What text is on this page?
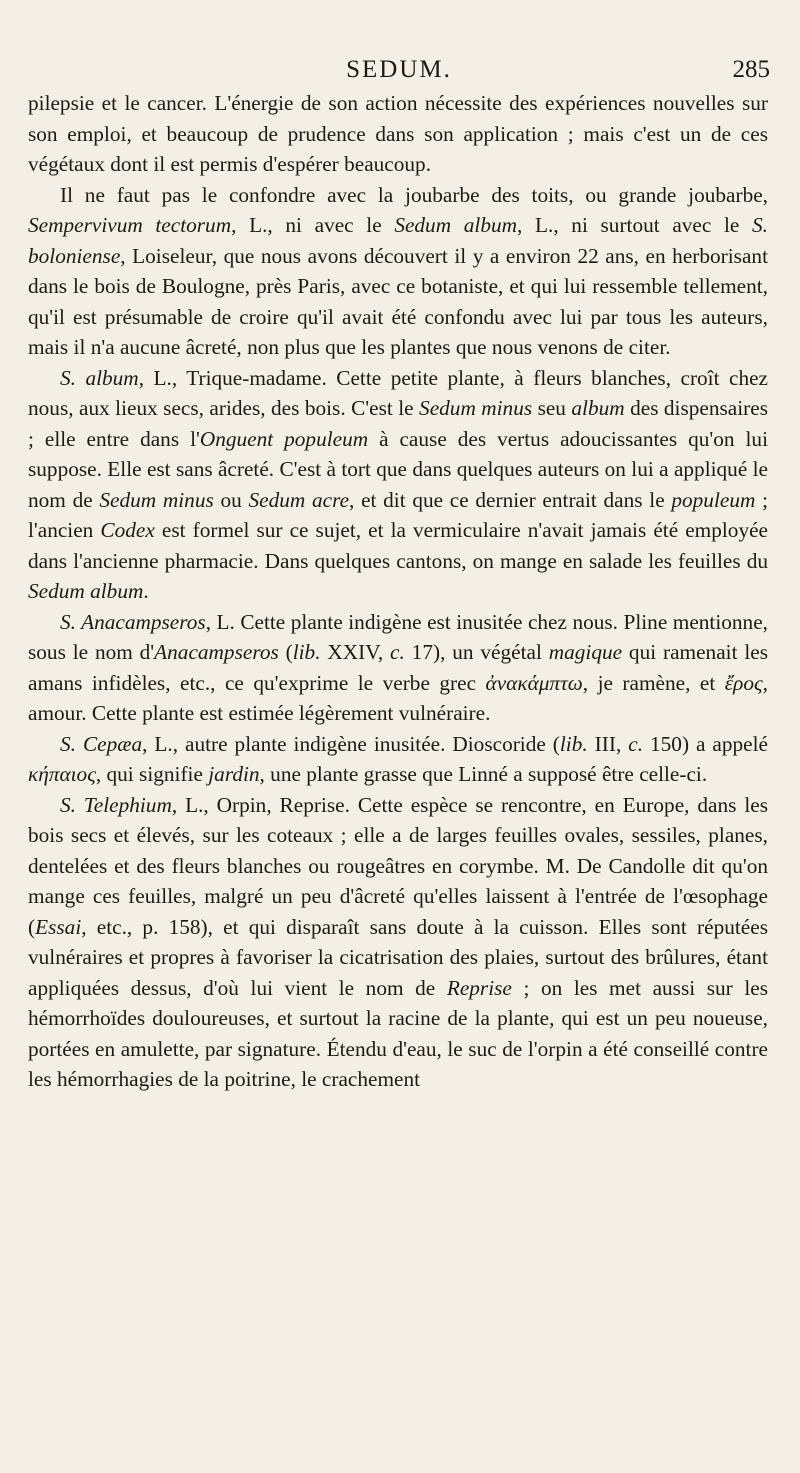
SEDUM.	285

pilepsie et le cancer. L'énergie de son action nécessite des expériences nouvelles sur son emploi, et beaucoup de prudence dans son application ; mais c'est un de ces végétaux dont il est permis d'espérer beaucoup.

Il ne faut pas le confondre avec la joubarbe des toits, ou grande joubarbe, Sempervivum tectorum, L., ni avec le Sedum album, L., ni surtout avec le S. boloniense, Loiseleur, que nous avons découvert il y a environ 22 ans, en herborisant dans le bois de Boulogne, près Paris, avec ce botaniste, et qui lui ressemble tellement, qu'il est présumable de croire qu'il avait été confondu avec lui par tous les auteurs, mais il n'a aucune âcreté, non plus que les plantes que nous venons de citer.

S. album, L., Trique-madame. Cette petite plante, à fleurs blanches, croît chez nous, aux lieux secs, arides, des bois. C'est le Sedum minus seu album des dispensaires ; elle entre dans l'Onguent populeum à cause des vertus adoucissantes qu'on lui suppose. Elle est sans âcreté. C'est à tort que dans quelques auteurs on lui a appliqué le nom de Sedum minus ou Sedum acre, et dit que ce dernier entrait dans le populeum ; l'ancien Codex est formel sur ce sujet, et la vermiculaire n'avait jamais été employée dans l'ancienne pharmacie. Dans quelques cantons, on mange en salade les feuilles du Sedum album.

S. Anacampseros, L. Cette plante indigène est inusitée chez nous. Pline mentionne, sous le nom d'Anacampseros (lib. XXIV, c. 17), un végétal magique qui ramenait les amans infidèles, etc., ce qu'exprime le verbe grec ἀνακάμπτω, je ramène, et ἔρος, amour. Cette plante est estimée légèrement vulnéraire.

S. Cepæa, L., autre plante indigène inusitée. Dioscoride (lib. III, c. 150) a appelé κήπαιος, qui signifie jardin, une plante grasse que Linné a supposé être celle-ci.

S. Telephium, L., Orpin, Reprise. Cette espèce se rencontre, en Europe, dans les bois secs et élevés, sur les coteaux ; elle a de larges feuilles ovales, sessiles, planes, dentelées et des fleurs blanches ou rougeâtres en corymbe. M. De Candolle dit qu'on mange ces feuilles, malgré un peu d'âcreté qu'elles laissent à l'entrée de l'œsophage (Essai, etc., p. 158), et qui disparaît sans doute à la cuisson. Elles sont réputées vulnéraires et propres à favoriser la cicatrisation des plaies, surtout des brûlures, étant appliquées dessus, d'où lui vient le nom de Reprise ; on les met aussi sur les hémorrhoïdes douloureuses, et surtout la racine de la plante, qui est un peu noueuse, portées en amulette, par signature. Étendu d'eau, le suc de l'orpin a été conseillé contre les hémorrhagies de la poitrine, le crachement
